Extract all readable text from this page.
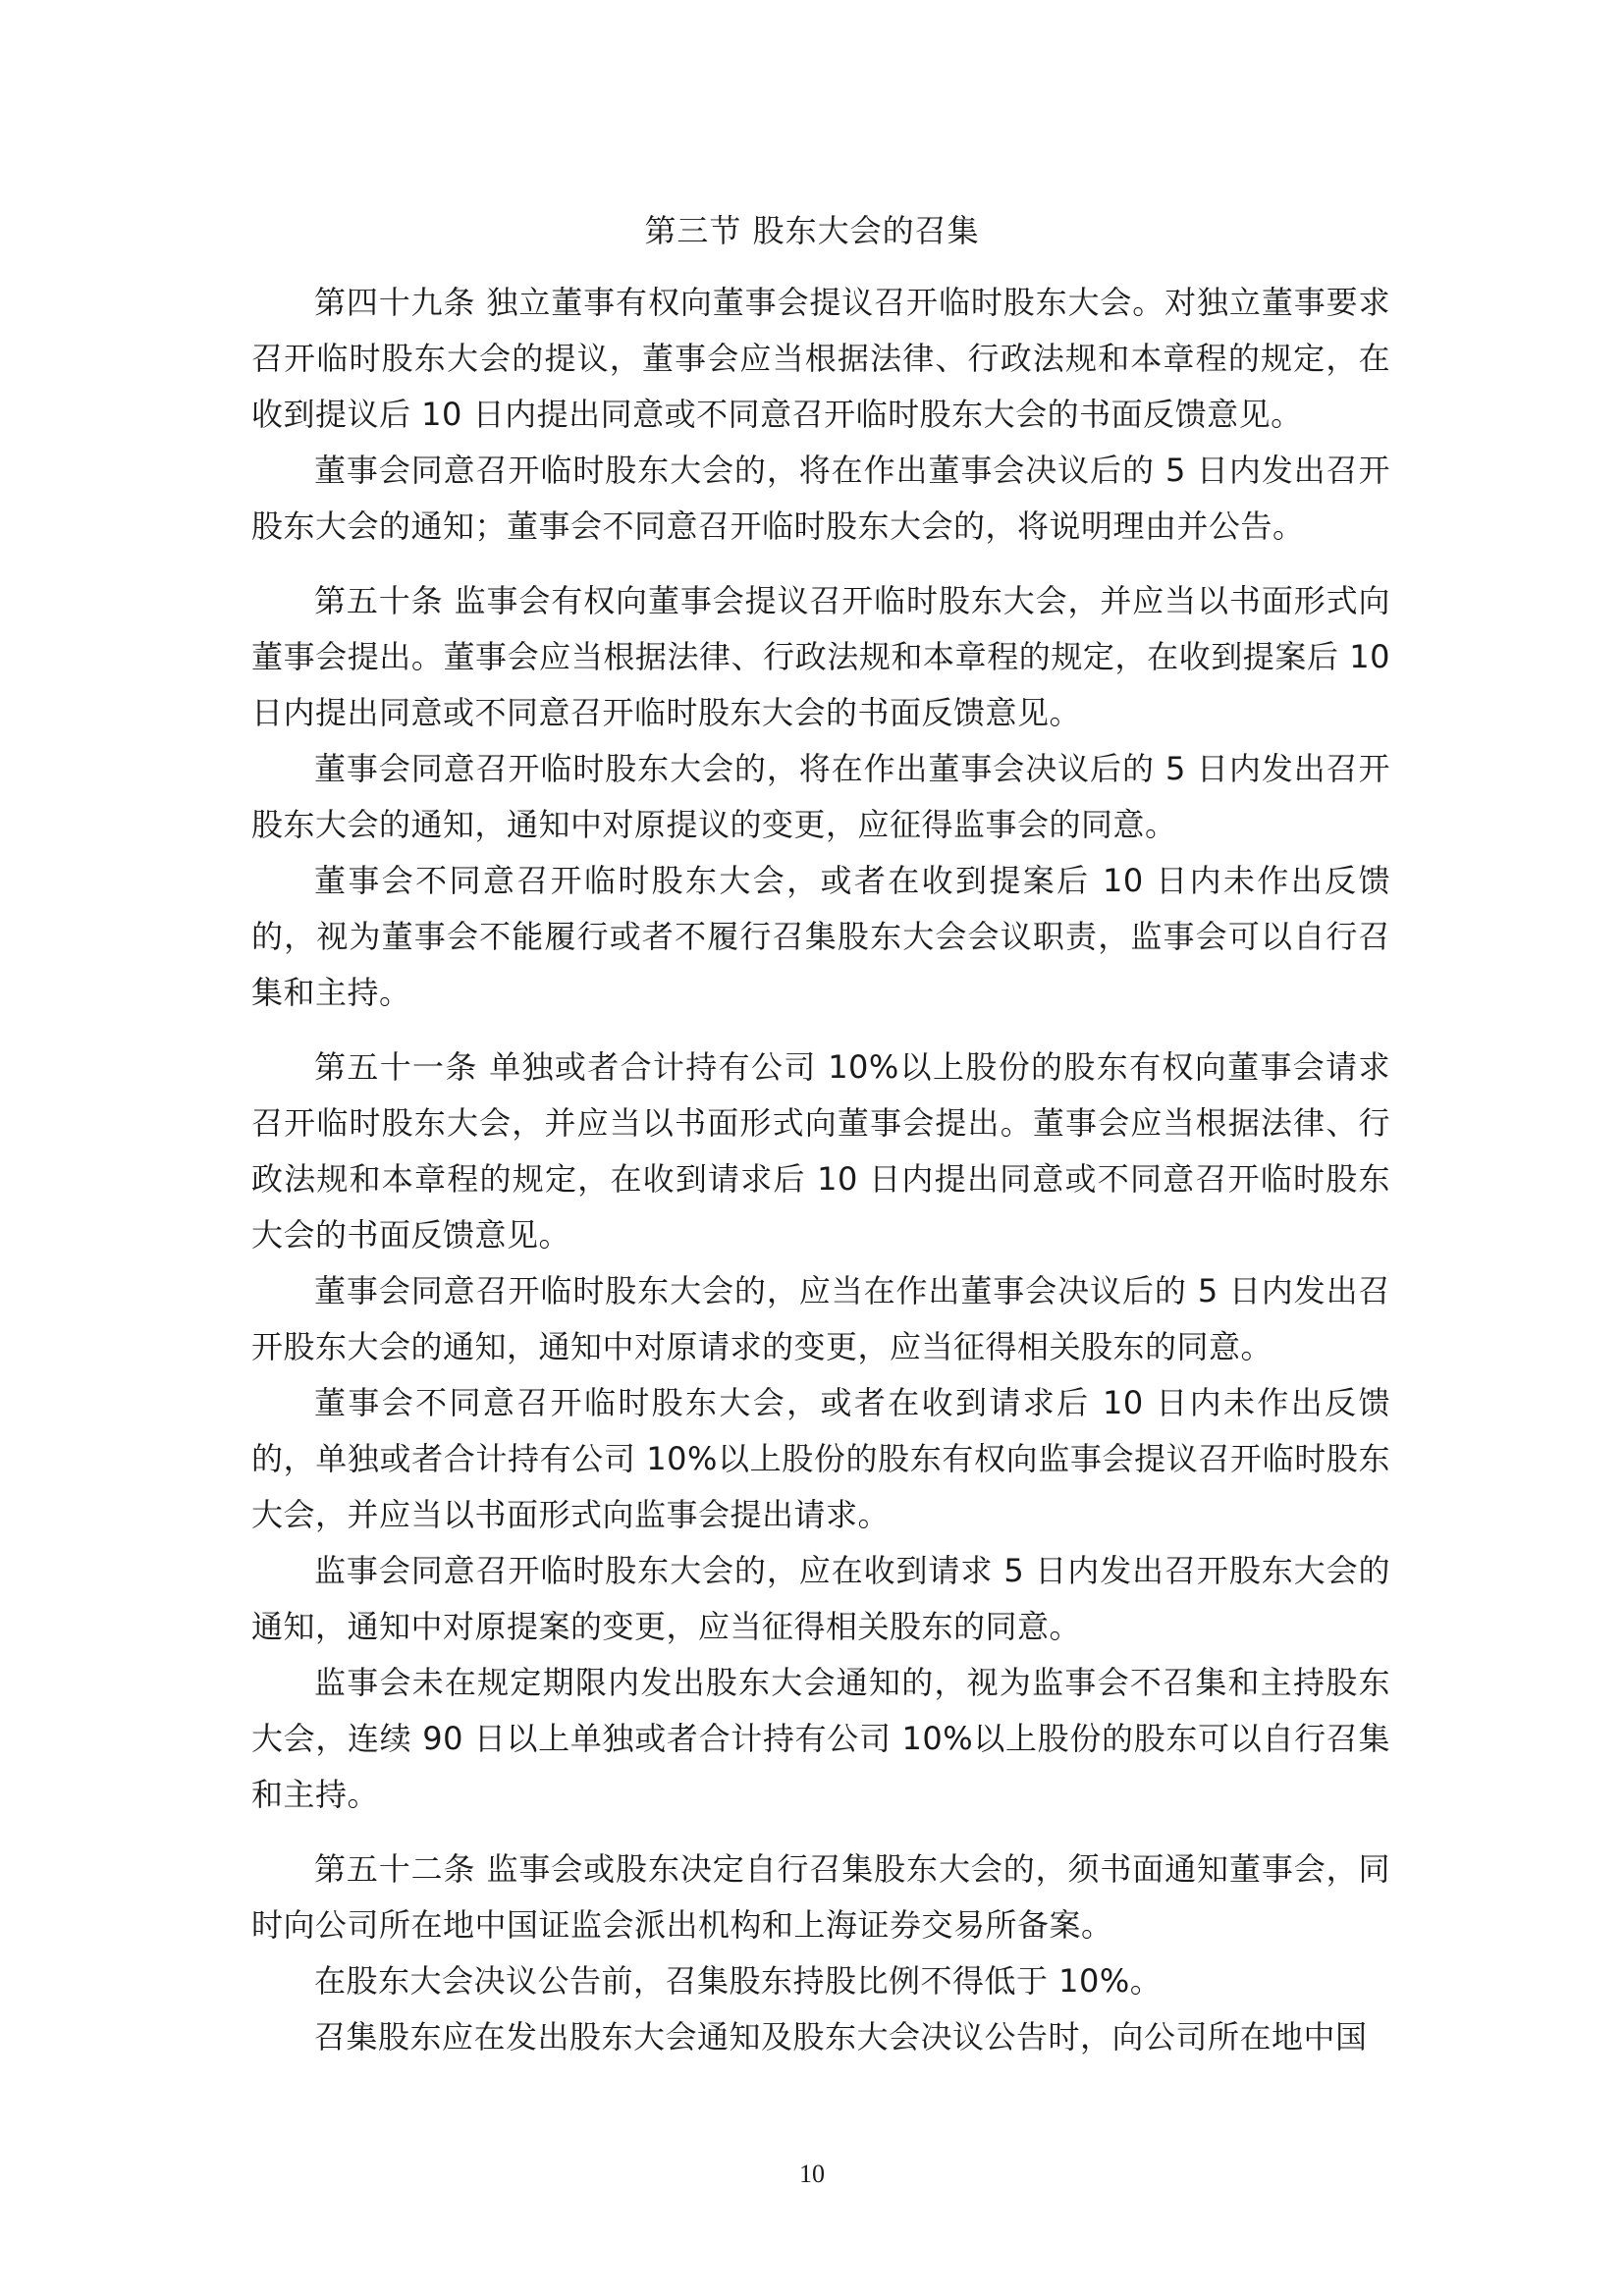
第三节 股东大会的召集

第四十九条 独立董事有权向董事会提议召开临时股东大会。对独立董事要求召开临时股东大会的提议，董事会应当根据法律、行政法规和本章程的规定，在收到提议后 10 日内提出同意或不同意召开临时股东大会的书面反馈意见。

董事会同意召开临时股东大会的，将在作出董事会决议后的 5 日内发出召开股东大会的通知；董事会不同意召开临时股东大会的，将说明理由并公告。

第五十条 监事会有权向董事会提议召开临时股东大会，并应当以书面形式向董事会提出。董事会应当根据法律、行政法规和本章程的规定，在收到提案后 10 日内提出同意或不同意召开临时股东大会的书面反馈意见。

董事会同意召开临时股东大会的，将在作出董事会决议后的 5 日内发出召开股东大会的通知，通知中对原提议的变更，应征得监事会的同意。

董事会不同意召开临时股东大会，或者在收到提案后 10 日内未作出反馈的，视为董事会不能履行或者不履行召集股东大会会议职责，监事会可以自行召集和主持。

第五十一条 单独或者合计持有公司 10%以上股份的股东有权向董事会请求召开临时股东大会，并应当以书面形式向董事会提出。董事会应当根据法律、行政法规和本章程的规定，在收到请求后 10 日内提出同意或不同意召开临时股东大会的书面反馈意见。

董事会同意召开临时股东大会的，应当在作出董事会决议后的 5 日内发出召开股东大会的通知，通知中对原请求的变更，应当征得相关股东的同意。

董事会不同意召开临时股东大会，或者在收到请求后 10 日内未作出反馈的，单独或者合计持有公司 10%以上股份的股东有权向监事会提议召开临时股东大会，并应当以书面形式向监事会提出请求。

监事会同意召开临时股东大会的，应在收到请求 5 日内发出召开股东大会的通知，通知中对原提案的变更，应当征得相关股东的同意。

监事会未在规定期限内发出股东大会通知的，视为监事会不召集和主持股东大会，连续 90 日以上单独或者合计持有公司 10%以上股份的股东可以自行召集和主持。

第五十二条 监事会或股东决定自行召集股东大会的，须书面通知董事会，同时向公司所在地中国证监会派出机构和上海证券交易所备案。

在股东大会决议公告前，召集股东持股比例不得低于 10%。

召集股东应在发出股东大会通知及股东大会决议公告时，向公司所在地中国

10
